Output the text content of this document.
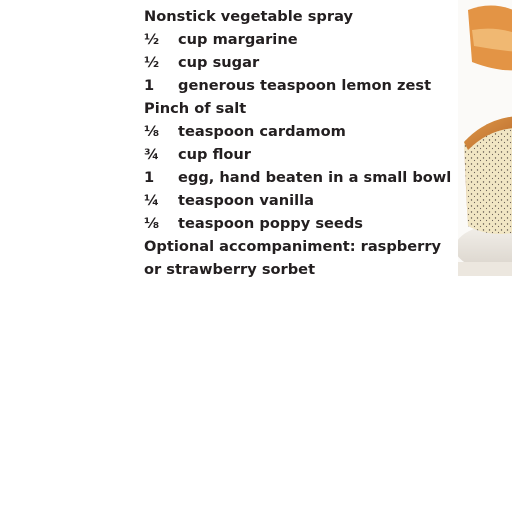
Nonstick vegetable spray
½ cup margarine
½ cup sugar
1 generous teaspoon lemon zest
Pinch of salt
⅛ teaspoon cardamom
¾ cup flour
1 egg, hand beaten in a small bowl
¼ teaspoon vanilla
⅛ teaspoon poppy seeds
Optional accompaniment: raspberry
or strawberry sorbet
